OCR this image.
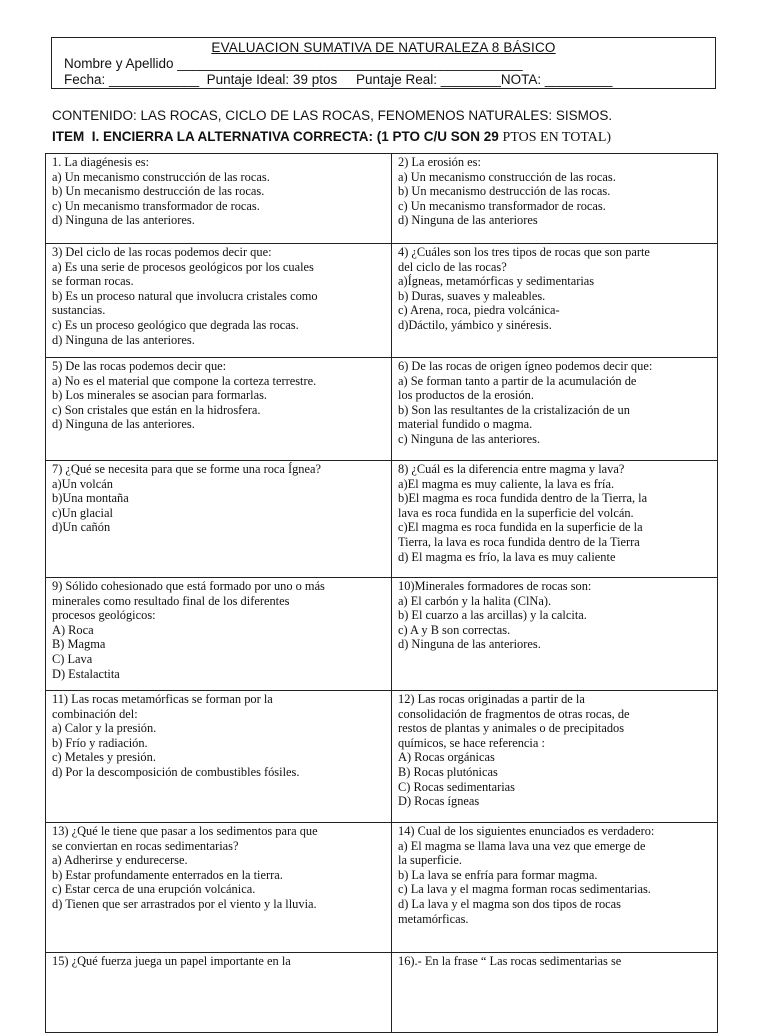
EVALUACION SUMATIVA DE NATURALEZA 8 BÁSICO
Nombre y Apellido ______________________________________________
Fecha: ____________  Puntaje Ideal: 39 ptos     Puntaje Real: ________NOTA: _________
CONTENIDO: LAS ROCAS, CICLO DE LAS ROCAS, FENOMENOS NATURALES: SISMOS.
ITEM  I. ENCIERRA LA ALTERNATIVA CORRECTA: (1 PTO C/U SON 29 PTOS EN TOTAL)
1. La diagénesis es:
a) Un mecanismo construcción de las rocas.
b) Un mecanismo destrucción de las rocas.
c) Un mecanismo transformador de rocas.
d) Ninguna de las anteriores.
2) La erosión es:
a) Un mecanismo construcción de las rocas.
b) Un mecanismo destrucción de las rocas.
c) Un mecanismo transformador de rocas.
d) Ninguna de las anteriores
3) Del ciclo de las rocas podemos decir que:
a) Es una serie de procesos geológicos por los cuales
se forman rocas.
b) Es un proceso natural que involucra cristales como
sustancias.
c) Es un proceso geológico que degrada las rocas.
d) Ninguna de las anteriores.
4) ¿Cuáles son los tres tipos de rocas que son parte
del ciclo de las rocas?
a)Ígneas, metamórficas y sedimentarias
b) Duras, suaves y maleables.
c) Arena, roca, piedra volcánica-
d)Dáctilo, yámbico y sinéresis.
5) De las rocas podemos decir que:
a) No es el material que compone la corteza terrestre.
b) Los minerales se asocian para formarlas.
c) Son cristales que están en la hidrosfera.
d) Ninguna de las anteriores.
6) De las rocas de origen ígneo podemos decir que:
a) Se forman tanto a partir de la acumulación de
los productos de la erosión.
b) Son las resultantes de la cristalización de un
material fundido o magma.
c) Ninguna de las anteriores.
7) ¿Qué se necesita para que se forme una roca Ígnea?
a)Un volcán
b)Una montaña
c)Un glacial
d)Un cañón
8) ¿Cuál es la diferencia entre magma y lava?
a)El magma es muy caliente, la lava es fría.
b)El magma es roca fundida dentro de la Tierra, la
lava es roca fundida en la superficie del volcán.
c)El magma es roca fundida en la superficie de la
Tierra, la lava es roca fundida dentro de la Tierra
d) El magma es frío, la lava es muy caliente
9) Sólido cohesionado que está formado por uno o más
minerales como resultado final de los diferentes
procesos geológicos:
A) Roca
B) Magma
C) Lava
D) Estalactita
10)Minerales formadores de rocas son:
a) El carbón y la halita (ClNa).
b) El cuarzo a las arcillas) y la calcita.
c) A y B son correctas.
d) Ninguna de las anteriores.
11) Las rocas metamórficas se forman por la
combinación del:
a) Calor y la presión.
b) Frío y radiación.
c) Metales y presión.
d) Por la descomposición de combustibles fósiles.
12) Las rocas originadas a partir de la
consolidación de fragmentos de otras rocas, de
restos de plantas y animales o de precipitados
químicos, se hace referencia :
A) Rocas orgánicas
B) Rocas plutónicas
C) Rocas sedimentarias
D) Rocas ígneas
13) ¿Qué le tiene que pasar a los sedimentos para que
se conviertan en rocas sedimentarias?
a) Adherirse y endurecerse.
b) Estar profundamente enterrados en la tierra.
c) Estar cerca de una erupción volcánica.
d) Tienen que ser arrastrados por el viento y la lluvia.
14) Cual de los siguientes enunciados es verdadero:
a) El magma se llama lava una vez que emerge de
la superficie.
b) La lava se enfría para formar magma.
c) La lava y el magma forman rocas sedimentarias.
d) La lava y el magma son dos tipos de rocas
metamórficas.
15) ¿Qué fuerza juega un papel importante en la	16).- En la frase “ Las rocas sedimentarias se
